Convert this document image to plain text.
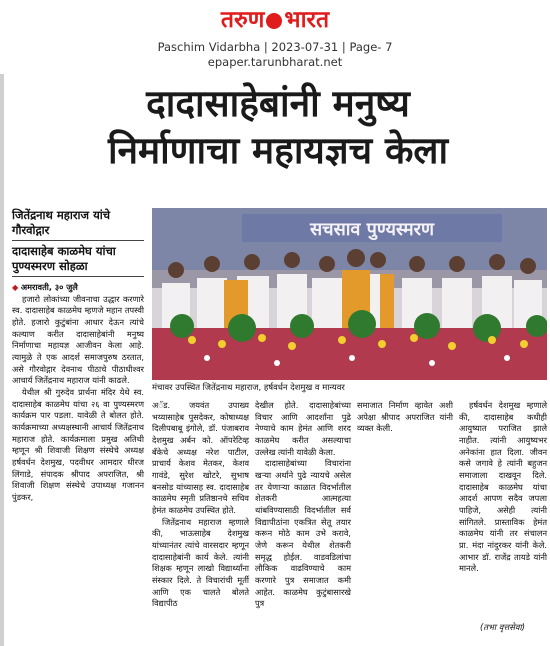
तरुण भारत
Paschim Vidarbha | 2023-07-31 | Page- 7
epaper.tarunbharat.net
दादासाहेबांनी मनुष्य
निर्माणाचा महायज्ञच केला
जितेंद्रनाथ महाराज यांचे गौरवोद्गार
दादासाहेब काळमेघ यांचा पुण्यस्मरण सोहळा
सचसाव पुण्यस्मरण
मंचावर उपस्थित जितेंद्रनाथ महाराज, हर्षवर्धन देशमुख व मान्यवर

◆ अमरावती, ३० जुलै

हजारो लोकांच्या जीवनाचा उद्धार करणारे स्व. दादासाहेब काळमेघ म्हणजे महान तपस्वी होते. हजारो कुटुंबांना आधार देऊन त्यांचे कल्याण करीत दादासाहेबांनी मनुष्य निर्माणाचा महायज्ञ आजीवन केला आहे. त्यामुळे ते एक आदर्श समाजपुरुष ठरतात, असे गौरवोद्गार देवनाथ पीठाचे पीठाधीश्वर आचार्य जितेंद्रनाथ महाराज यांनी काढले.

येथील श्री गुरुदेव प्रार्थना मंदिर येथे स्व. दादासाहेब काळमेघ यांचा २६ वा पुण्यस्मरण कार्यक्रम पार पडला. यावेळी ते बोलत होते. कार्यक्रमाच्या अध्यक्षस्थानी आचार्य जितेंद्रनाथ महाराज होते. कार्यक्रमाला प्रमुख अतिथी म्हणून श्री शिवाजी शिक्षण संस्थेचे अध्यक्ष हर्षवर्धन देशमुख, पदवीधर आमदार धीरज लिंगाडे, संपादक श्रीपाद अपराजित, श्री शिवाजी शिक्षण संस्थेचे उपाध्यक्ष गजानन पुंडकर,

अॅड. जयवंत उपाख्य भय्यासाहेब पुसदेकर, कोषाध्यक्ष दिलीपबाबू इंगोले, डॉ. पंजाबराव देशमुख अर्बन को. ऑपरेटिव्ह बँकेचे अध्यक्ष नरेश पाटील, प्राचार्य केशव मेतकर, केशव गावंडे, सुरेश खोटरे, सुभाष बनसोड यांच्यासह स्व. दादासाहेब काळमेघ स्मृती प्रतिष्ठानचे सचिव हेमंत काळमेघ उपस्थित होते.

जितेंद्रनाथ महाराज म्हणाले की, भाऊसाहेब देशमुख यांच्यानंतर त्यांचे वारसदार म्हणून दादासाहेबांनी कार्य केले. त्यांनी शिक्षक म्हणून लाखो विद्यार्थ्यांना संस्कार दिले. ते विचारांची मूर्ती आणि एक चालते बोलते विद्यापीठ

देखील होते. दादासाहेबांच्या विचार आणि आदर्शांना पुढे नेण्याचे काम हेमंत आणि शरद काळमेघ करीत असल्याचा उल्लेख त्यांनी यावेळी केला.

दादासाहेबांच्या विचारांना खऱ्या अर्थाने पुढे न्यायचे असेल तर येणाऱ्या काळात विदर्भातील शेतकरी आत्महत्या थांबविण्यासाठी विदर्भातील सर्व विद्यापीठांना एकत्रित सेतू तयार करून मोठे काम उभे करावे, जेणे करून येथील शेतकरी समृद्ध होईल. वाडवडिलांचा लौकिक वाढविण्याचे काम करणारे पुत्र समाजात कमी आहेत. काळमेघ कुटुंबासारखे पुत्र

समाजात निर्माण व्हावेत अशी अपेक्षा श्रीपाद अपराजित यांनी व्यक्त केली.

हर्षवर्धन देशमुख म्हणाले की, दादासाहेब कधीही आयुष्यात पराजित झाले नाहीत. त्यांनी आयुष्यभर अनेकांना हात दिला. जीवन कसे जगावे हे त्यांनी बहुजन समाजाला दाखवून दिले. दादासाहेब काळमेघ यांचा आदर्श आपण सदैव जपला पाहिजे, असेही त्यांनी सांगितले. प्रास्ताविक हेमंत काळमेघ यांनी तर संचालन प्रा. मंदा नांदुरकर यांनी केले. आभार डॉ. राजेंद्र तायडे यांनी मानले.

(तभा वृत्तसेवा)
